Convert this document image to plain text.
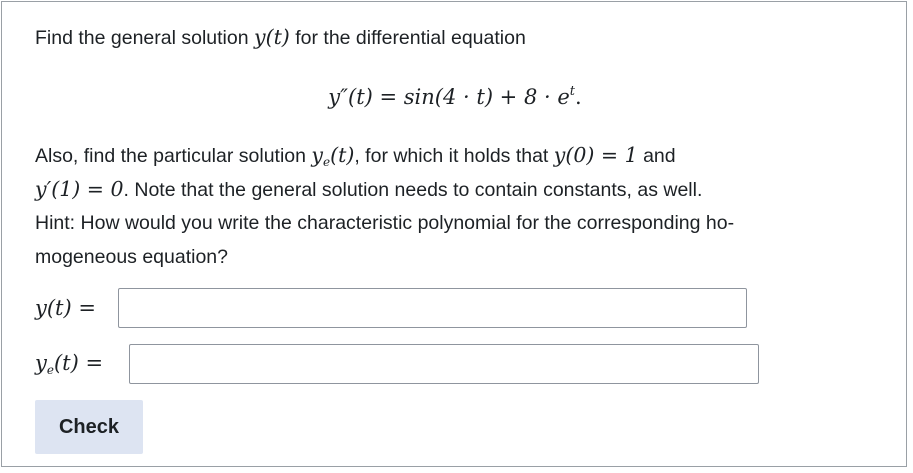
Find the general solution y(t) for the differential equation
$y''(t) = \sin(4 \cdot t) + 8 \cdot e^t$.
Also, find the particular solution $y_e(t)$, for which it holds that y(0) = 1 and
y′(1) = 0. Note that the general solution needs to contain constants, as well.
Hint: How would you write the characteristic polynomial for the corresponding ho-
mogeneous equation?
y(t) =
$y_e(t)$ =
Check
